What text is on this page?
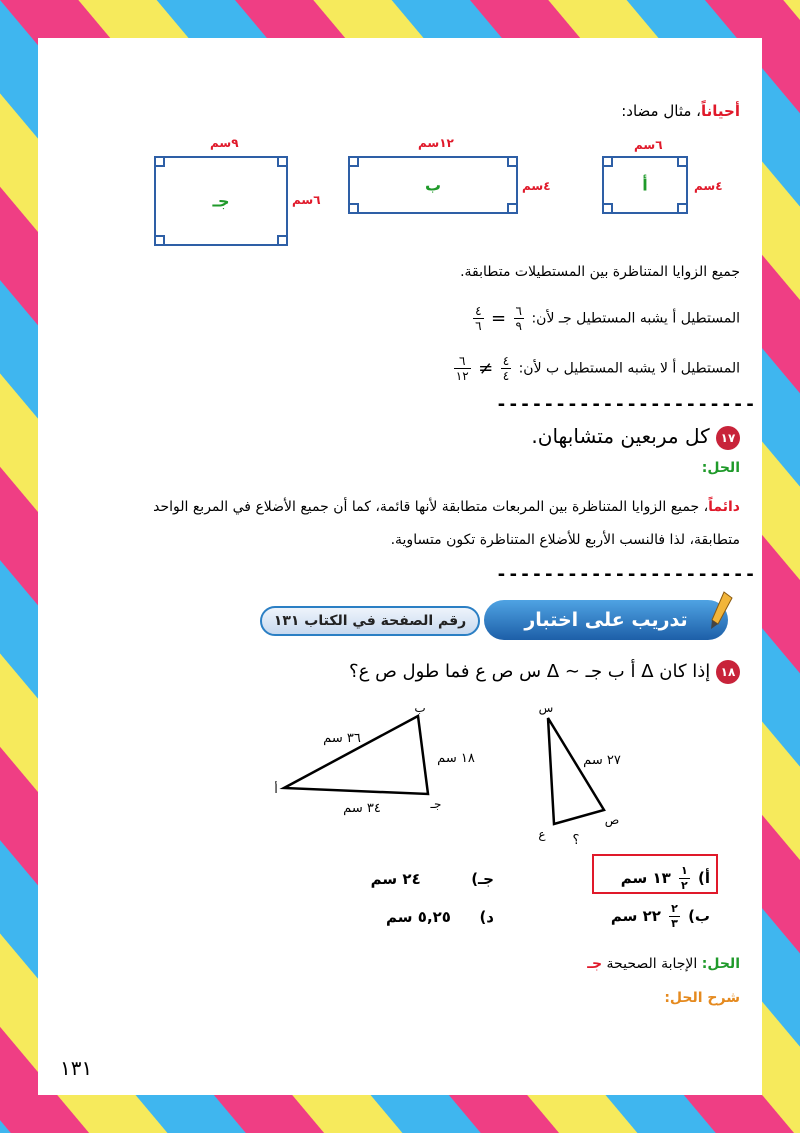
أحياناً، مثال مضاد:
٦سم
أ	٤سم
١٢سم
ب	٤سم
٩سم
جـ	٦سم
جميع الزوايا المتناظرة بين المستطيلات متطابقة.
المستطيل أ يشبه المستطيل جـ لأن:
$\frac{٦}{٩}$
=
$\frac{٤}{٦}$
المستطيل أ لا يشبه المستطيل ب لأن:
$\frac{٤}{٤}$
≠
$\frac{٦}{١٢}$
----------------------
١٧ كل مربعين متشابهان.
الحل:
دائماً، جميع الزوايا المتناظرة بين المربعات متطابقة لأنها قائمة، كما أن جميع الأضلاع في المربع الواحد
متطابقة، لذا فالنسب الأربع للأضلاع المتناظرة تكون متساوية.
----------------------
رقم الصفحة في الكتاب ١٣١	تدريب على اختبار
١٨ إذا كان Δ أ ب جـ ∽ Δ س ص ع فما طول ص ع؟
ب
أ
جـ
٣٦ سم
١٨ سم
٣٤ سم
س
ص
ع
٢٧ سم
؟
أ)
$\frac{١}{٢}$
١٣ سم
جـ)  ٢٤ سم
ب)
$\frac{٢}{٣}$
٢٢ سم
د)  ٥,٢٥ سم
الحل: الإجابة الصحيحة جـ
شرح الحل:
١٣١
